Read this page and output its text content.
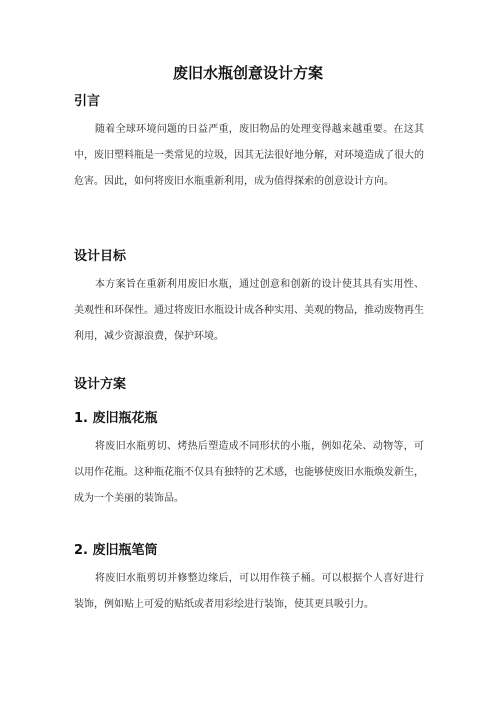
废旧水瓶创意设计方案
引言
随着全球环境问题的日益严重，废旧物品的处理变得越来越重要。在这其中，废旧塑料瓶是一类常见的垃圾，因其无法很好地分解，对环境造成了很大的危害。因此，如何将废旧水瓶重新利用，成为值得探索的创意设计方向。
设计目标
本方案旨在重新利用废旧水瓶，通过创意和创新的设计使其具有实用性、美观性和环保性。通过将废旧水瓶设计成各种实用、美观的物品，推动废物再生利用，减少资源浪费，保护环境。
设计方案
1. 废旧瓶花瓶
将废旧水瓶剪切、烤热后塑造成不同形状的小瓶，例如花朵、动物等，可以用作花瓶。这种瓶花瓶不仅具有独特的艺术感，也能够使废旧水瓶焕发新生，成为一个美丽的装饰品。
2. 废旧瓶笔筒
将废旧水瓶剪切并修整边缘后，可以用作筷子桶。可以根据个人喜好进行装饰，例如贴上可爱的贴纸或者用彩绘进行装饰，使其更具吸引力。
